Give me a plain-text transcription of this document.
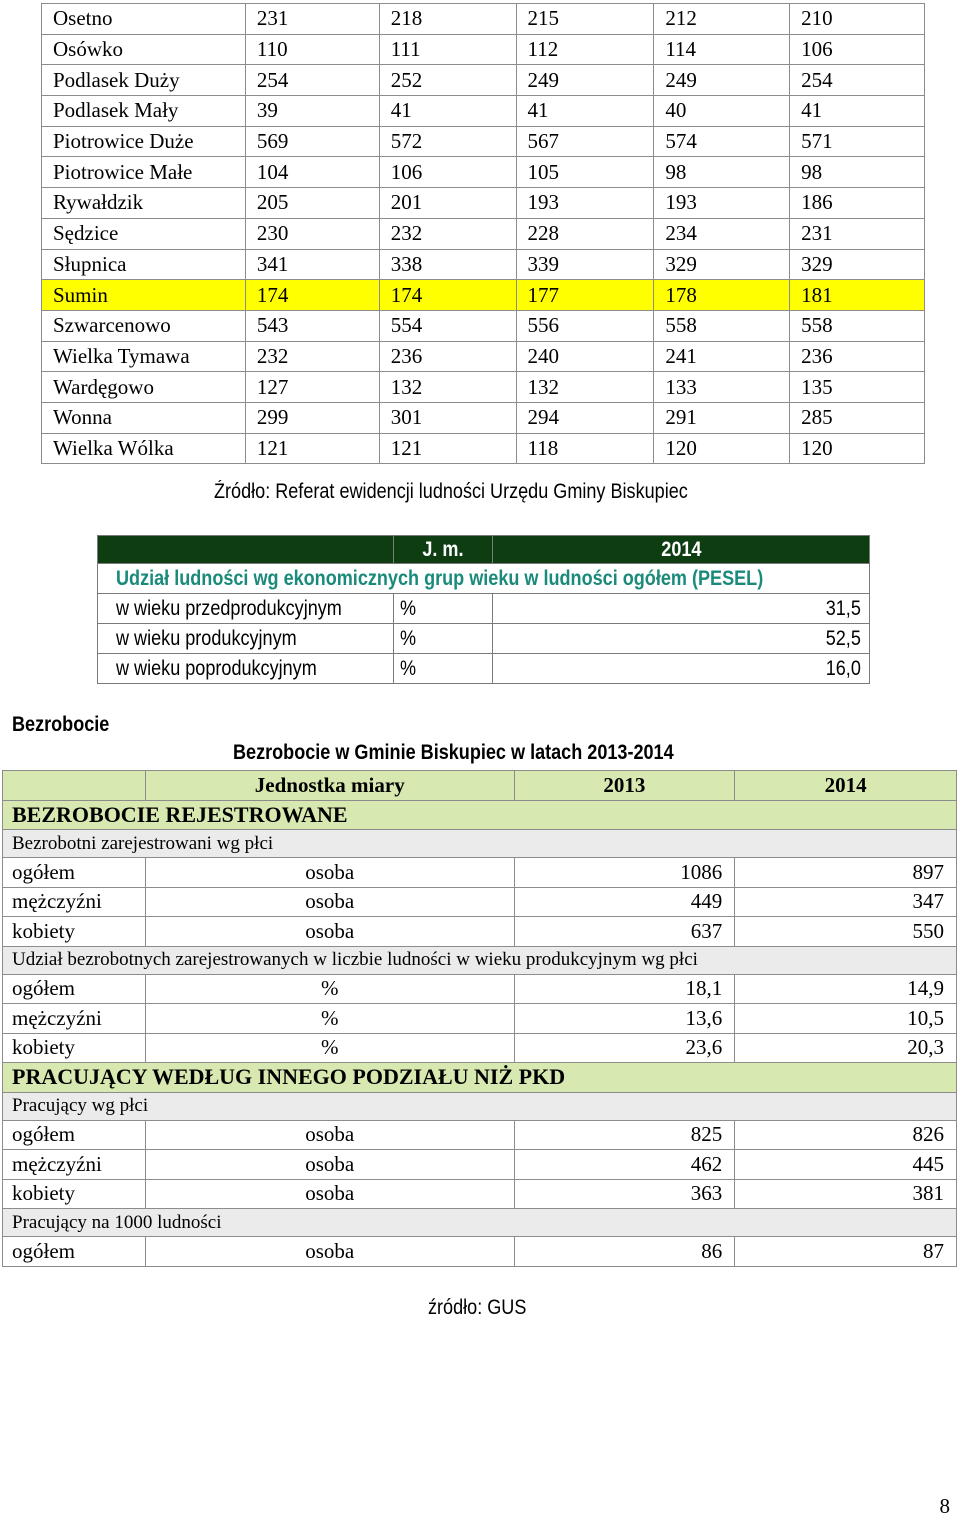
Osetno	231	218	215	212	210
Osówko	110	111	112	114	106
Podlasek Duży	254	252	249	249	254
Podlasek Mały	39	41	41	40	41
Piotrowice Duże	569	572	567	574	571
Piotrowice Małe	104	106	105	98	98
Rywałdzik	205	201	193	193	186
Sędzice	230	232	228	234	231
Słupnica	341	338	339	329	329
Sumin	174	174	177	178	181
Szwarcenowo	543	554	556	558	558
Wielka Tymawa	232	236	240	241	236
Wardęgowo	127	132	132	133	135
Wonna	299	301	294	291	285
Wielka Wólka	121	121	118	120	120
Źródło: Referat ewidencji ludności Urzędu Gminy Biskupiec
	J. m.	2014
Udział ludności wg ekonomicznych grup wieku w ludności ogółem (PESEL)		
w wieku przedprodukcyjnym	%	31,5
w wieku produkcyjnym	%	52,5
w wieku poprodukcyjnym	%	16,0
Bezrobocie
Bezrobocie w Gminie Biskupiec w latach 2013-2014
	Jednostka miary	2013	2014
BEZROBOCIE REJESTROWANE			
Bezrobotni zarejestrowani wg płci			
ogółem	osoba	1086	897
mężczyźni	osoba	449	347
kobiety	osoba	637	550
Udział bezrobotnych zarejestrowanych w liczbie ludności w wieku produkcyjnym wg płci			
ogółem	%	18,1	14,9
mężczyźni	%	13,6	10,5
kobiety	%	23,6	20,3
PRACUJĄCY WEDŁUG INNEGO PODZIAŁU NIŻ PKD			
Pracujący wg płci			
ogółem	osoba	825	826
mężczyźni	osoba	462	445
kobiety	osoba	363	381
Pracujący na 1000 ludności			
ogółem	osoba	86	87
źródło: GUS
8
